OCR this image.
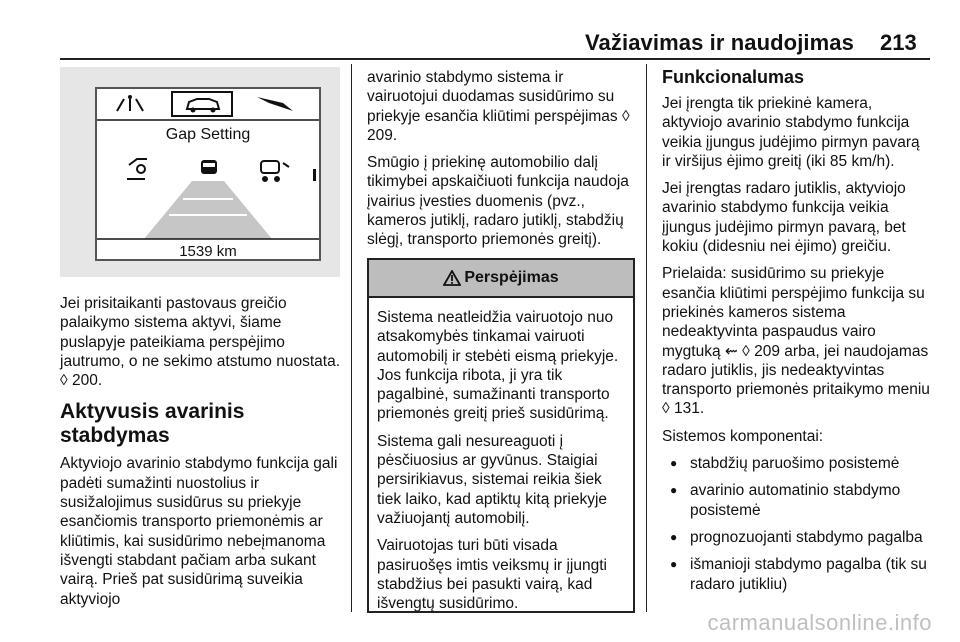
Važiavimas ir naudojimas 213
Gap Setting
1539 km

Jei prisitaikanti pastovaus greičio palaikymo sistema aktyvi, šiame puslapyje pateikiama perspėjimo jautrumo, o ne sekimo atstumo nuostata. ◊ 200.

Aktyvusis avarinis stabdymas

Aktyviojo avarinio stabdymo funkcija gali padėti sumažinti nuostolius ir susižalojimus susidūrus su priekyje esančiomis transporto priemonėmis ar kliūtimis, kai susidūrimo nebeįmanoma išvengti stabdant pačiam arba sukant vairą. Prieš pat susidūrimą suveikia aktyviojo

avarinio stabdymo sistema ir vairuotojui duodamas susidūrimo su priekyje esančia kliūtimi perspėjimas ◊ 209.

Smūgio į priekinę automobilio dalį tikimybei apskaičiuoti funkcija naudoja įvairius įvesties duomenis (pvz., kameros jutiklį, radaro jutiklį, stabdžių slėgį, transporto priemonės greitį).

Perspėjimas

Sistema neatleidžia vairuotojo nuo atsakomybės tinkamai vairuoti automobilį ir stebėti eismą priekyje. Jos funkcija ribota, ji yra tik pagalbinė, sumažinanti transporto priemonės greitį prieš susidūrimą.

Sistema gali nesureaguoti į pėsčiuosius ar gyvūnus. Staigiai persirikiavus, sistemai reikia šiek tiek laiko, kad aptiktų kitą priekyje važiuojantį automobilį.

Vairuotojas turi būti visada pasiruošęs imtis veiksmų ir įjungti stabdžius bei pasukti vairą, kad išvengtų susidūrimo.

Funkcionalumas

Jei įrengta tik priekinė kamera, aktyviojo avarinio stabdymo funkcija veikia įjungus judėjimo pirmyn pavarą ir viršijus ėjimo greitį (iki 85 km/h).

Jei įrengtas radaro jutiklis, aktyviojo avarinio stabdymo funkcija veikia įjungus judėjimo pirmyn pavarą, bet kokiu (didesniu nei ėjimo) greičiu.

Prielaida: susidūrimo su priekyje esančia kliūtimi perspėjimo funkcija su priekinės kameros sistema nedeaktyvinta paspaudus vairo mygtuką ⇜ ◊ 209 arba, jei naudojamas radaro jutiklis, jis nedeaktyvintas transporto priemonės pritaikymo meniu ◊ 131.

Sistemos komponentai:

● stabdžių paruošimo posistemė
● avarinio automatinio stabdymo posistemė
● prognozuojanti stabdymo pagalba
● išmanioji stabdymo pagalba (tik su radaro jutikliu)
carmanualsonline.info
